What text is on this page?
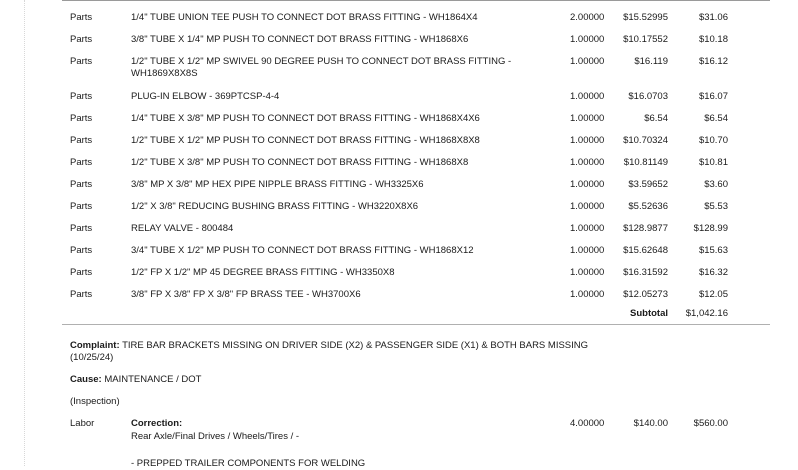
Parts	1/4" TUBE UNION TEE PUSH TO CONNECT DOT BRASS FITTING - WH1864X4	2.00000 $15.52995	$31.06
Parts	3/8" TUBE X 1/4" MP PUSH TO CONNECT DOT BRASS FITTING - WH1868X6	1.00000 $10.17552	$10.18
Parts	1/2" TUBE X 1/2" MP SWIVEL 90 DEGREE PUSH TO CONNECT DOT BRASS FITTING - WH1869X8X8S
1.00000	$16.119	$16.12
Parts	PLUG-IN ELBOW - 369PTCSP-4-4	1.00000	$16.0703	$16.07
Parts	1/4" TUBE X 3/8" MP PUSH TO CONNECT DOT BRASS FITTING - WH1868X4X6	1.00000	$6.54	$6.54
Parts	1/2" TUBE X 1/2" MP PUSH TO CONNECT DOT BRASS FITTING - WH1868X8X8	1.00000 $10.70324	$10.70
Parts	1/2" TUBE X 3/8" MP PUSH TO CONNECT DOT BRASS FITTING - WH1868X8	1.00000 $10.81149	$10.81
Parts	3/8" MP X 3/8" MP HEX PIPE NIPPLE BRASS FITTING - WH3325X6	1.00000	$3.59652	$3.60
Parts	1/2" X 3/8" REDUCING BUSHING BRASS FITTING - WH3220X8X6	1.00000	$5.52636	$5.53
Parts	RELAY VALVE - 800484	1.00000 $128.9877	$128.99
Parts	3/4" TUBE X 1/2" MP PUSH TO CONNECT DOT BRASS FITTING - WH1868X12	1.00000 $15.62648	$15.63
Parts	1/2" FP X 1/2" MP 45 DEGREE BRASS FITTING - WH3350X8	1.00000 $16.31592	$16.32
Parts	3/8" FP X 3/8" FP X 3/8" FP BRASS TEE - WH3700X6	1.00000 $12.05273	$12.05
Subtotal $1,042.16
Complaint: TIRE BAR BRACKETS MISSING ON DRIVER SIDE (X2) & PASSENGER SIDE (X1) & BOTH BARS MISSING (10/25/24)
Cause: MAINTENANCE / DOT
(Inspection)
Labor	Correction:	4.00000	$140.00	$560.00
Rear Axle/Final Drives / Wheels/Tires / -
- PREPPED TRAILER COMPONENTS FOR WELDING
